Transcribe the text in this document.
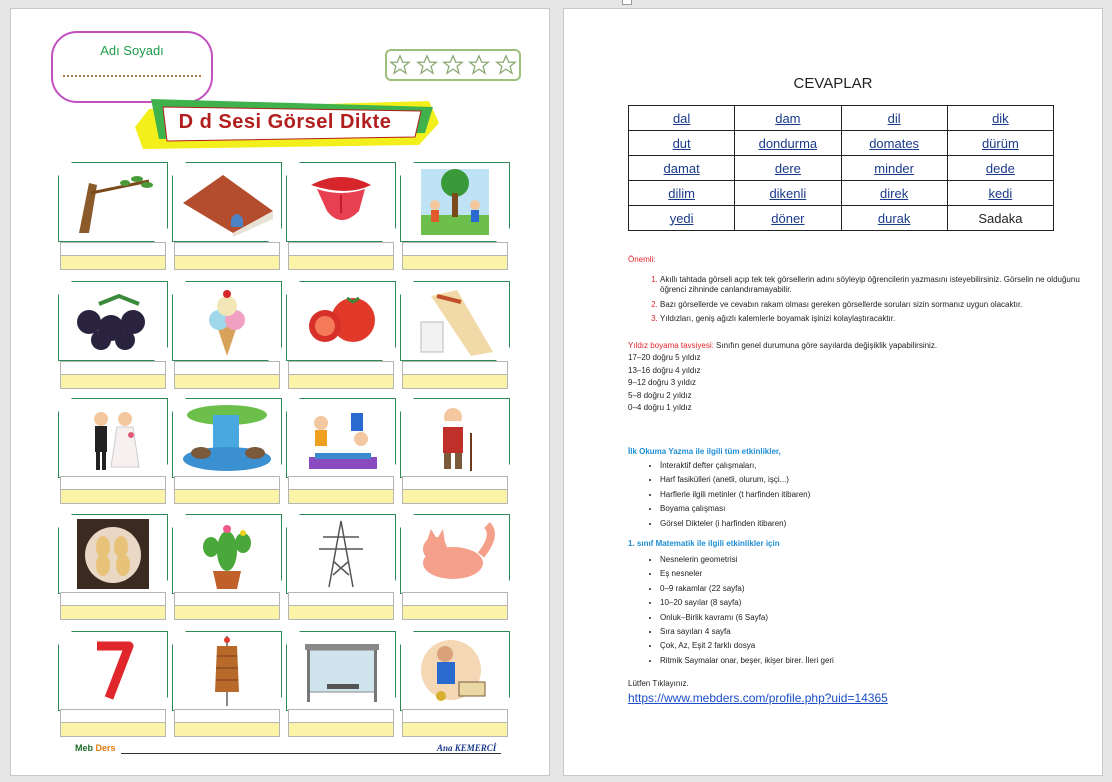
Adı Soyadı
D d Sesi Görsel Dikte
Meb Ders	Ana KEMERCİ
CEVAPLAR
dal	dam	dil	dik
dut	dondurma	domates	dürüm
damat	dere	minder	dede
dilim	dikenli	direk	kedi
yedi	döner	durak	Sadaka
Önemli:
1. Akıllı tahtada görseli açıp tek tek görsellerin adını söyleyip öğrencilerin yazmasını isteyebilirsiniz. Görselin ne olduğunu öğrenci zihninde canlandıramayabilir.
2. Bazı görsellerde ve cevabın rakam olması gereken görsellerde soruları sizin sormanız uygun olacaktır.
3. Yıldızları, geniş ağızlı kalemlerle boyamak işinizi kolaylaştıracaktır.
Yıldız boyama tavsiyesi: Sınıfın genel durumuna göre sayılarda değişiklik yapabilirsiniz.
17–20 doğru 5 yıldız
13–16 doğru 4 yıldız
9–12 doğru 3 yıldız
5–8 doğru 2 yıldız
0–4 doğru 1 yıldız
İlk Okuma Yazma ile ilgili tüm etkinlikler,
• İnteraktif defter çalışmaları,
• Harf fasikülleri (anetli, olurum, işçi...)
• Harflerle ilgili metinler (t harfinden itibaren)
• Boyama çalışması
• Görsel Dikteler (i harfinden itibaren)
1. sınıf Matematik ile ilgili etkinlikler için
• Nesnelerin geometrisi
• Eş nesneler
• 0–9 rakamlar (22 sayfa)
• 10–20 sayılar (8 sayfa)
• Onluk–Birlik kavramı (6 Sayfa)
• Sıra sayıları 4 sayfa
• Çok, Az, Eşit 2 farklı dosya
• Ritmik Saymalar onar, beşer, ikişer birer. İleri geri
Lütfen Tıklayınız.
https://www.mebders.com/profile.php?uid=14365
